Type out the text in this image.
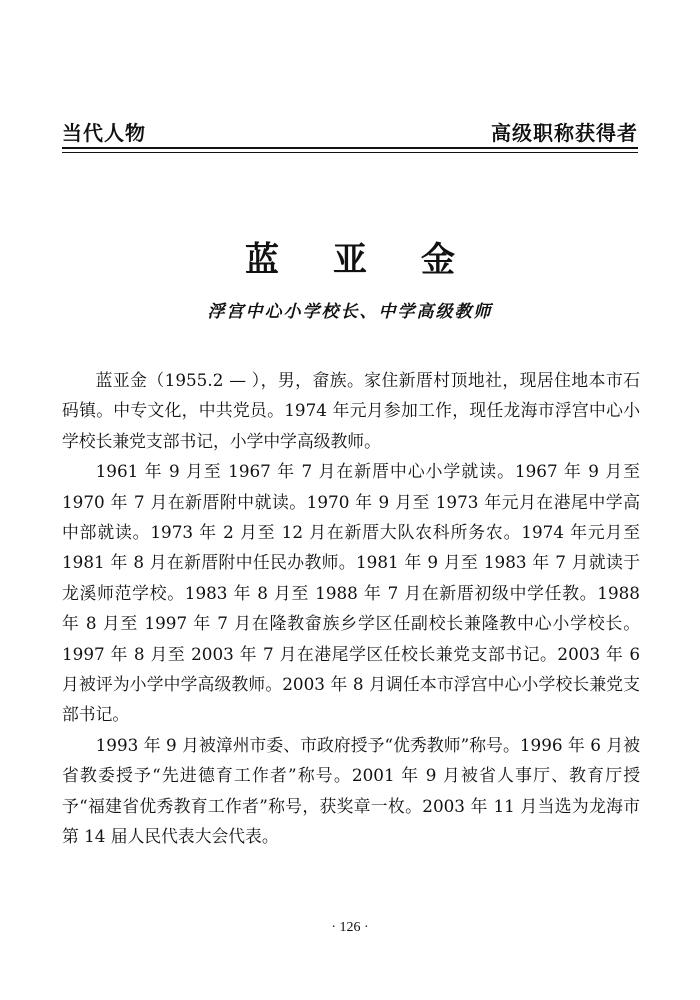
当代人物	高级职称获得者
蓝亚金
浮宫中心小学校长、中学高级教师

蓝亚金（1955.2 — ），男，畲族。家住新厝村顶地社，现居住地本市石码镇。中专文化，中共党员。1974 年元月参加工作，现任龙海市浮宫中心小学校长兼党支部书记，小学中学高级教师。

1961 年 9 月至 1967 年 7 月在新厝中心小学就读。1967 年 9 月至 1970 年 7 月在新厝附中就读。1970 年 9 月至 1973 年元月在港尾中学高中部就读。1973 年 2 月至 12 月在新厝大队农科所务农。1974 年元月至 1981 年 8 月在新厝附中任民办教师。1981 年 9 月至 1983 年 7 月就读于龙溪师范学校。1983 年 8 月至 1988 年 7 月在新厝初级中学任教。1988 年 8 月至 1997 年 7 月在隆教畲族乡学区任副校长兼隆教中心小学校长。1997 年 8 月至 2003 年 7 月在港尾学区任校长兼党支部书记。2003 年 6 月被评为小学中学高级教师。2003 年 8 月调任本市浮宫中心小学校长兼党支部书记。

1993 年 9 月被漳州市委、市政府授予“优秀教师”称号。1996 年 6 月被省教委授予“先进德育工作者”称号。2001 年 9 月被省人事厅、教育厅授予“福建省优秀教育工作者”称号，获奖章一枚。2003 年 11 月当选为龙海市第 14 届人民代表大会代表。

· 126 ·
